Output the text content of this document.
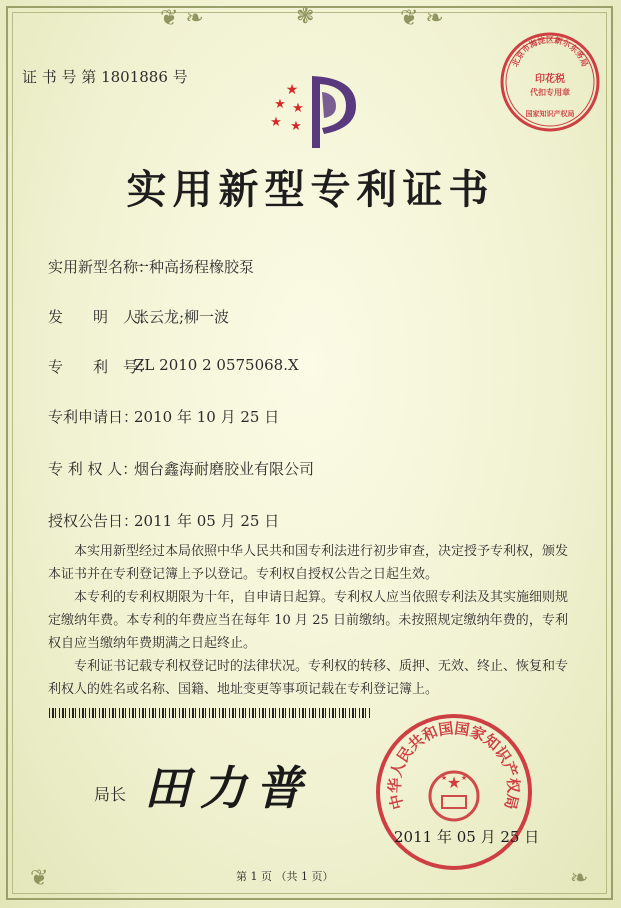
❦ ❧	❃	❦ ❧
❦	❧
证 书 号 第 1801886 号
北京市海淀区新尔东务局
印花税
代扣专用章
国家知识产权局
★
★ ★
★ ★
实用新型专利证书
实用新型名称：
一种高扬程橡胶泵
发　　明　人：
张云龙;柳一波
专　　利　号：
ZL 2010 2 0575068.X
专利申请日：
2010 年 10 月 25 日
专 利 权 人：
烟台鑫海耐磨胶业有限公司
授权公告日：
2011 年 05 月 25 日
本实用新型经过本局依照中华人民共和国专利法进行初步审查，决定授予专利权，颁发本证书并在专利登记簿上予以登记。专利权自授权公告之日起生效。
本专利的专利权期限为十年，自申请日起算。专利权人应当依照专利法及其实施细则规定缴纳年费。本专利的年费应当在每年 10 月 25 日前缴纳。未按照规定缴纳年费的，专利权自应当缴纳年费期满之日起终止。
专利证书记载专利权登记时的法律状况。专利权的转移、质押、无效、终止、恢复和专利权人的姓名或名称、国籍、地址变更等事项记载在专利登记簿上。
局长 田力普	中华人民共和国国家知识产权局
★
★ ★
2011 年 05 月 25 日
第 1 页 （共 1 页）
